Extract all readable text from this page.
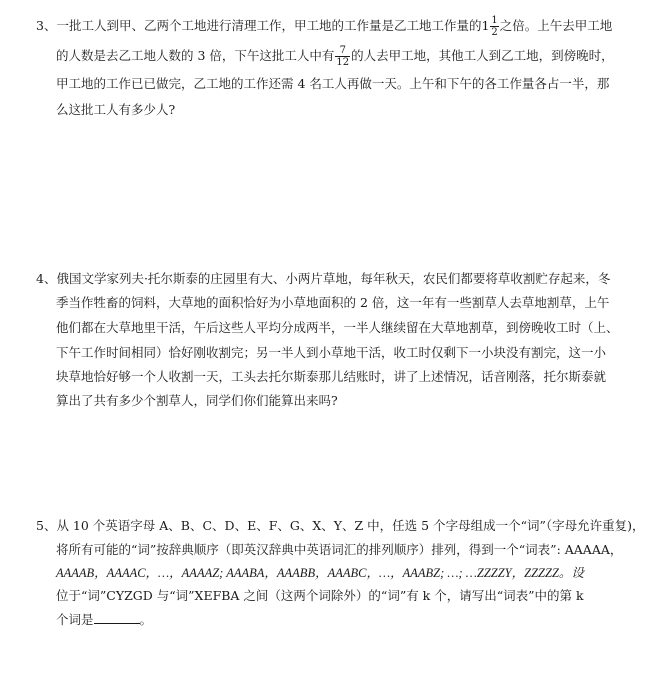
3、一批工人到甲、乙两个工地进行清理工作，甲工地的工作量是乙工地工作量的$1 \frac{1}{2}$ 之倍。上午去甲工地
的人数是去乙工地人数的 3 倍，下午这批工人中有 $\frac{7}{12}$ 的人去甲工地，其他工人到乙工地，到傍晚时，
甲工地的工作已已做完，乙工地的工作还需 4 名工人再做一天。上午和下午的各工作量各占一半，那
么这批工人有多少人?
4、俄国文学家列夫·托尔斯泰的庄园里有大、小两片草地，每年秋天，农民们都要将草收割贮存起来，冬
季当作牲畜的饲料，大草地的面积恰好为小草地面积的 2 倍，这一年有一些割草人去草地割草，上午
他们都在大草地里干活，午后这些人平均分成两半，一半人继续留在大草地割草，到傍晚收工时（上、
下午工作时间相同）恰好刚收割完；另一半人到小草地干活，收工时仅剩下一小块没有割完，这一小
块草地恰好够一个人收割一天，工头去托尔斯泰那儿结账时，讲了上述情况，话音刚落，托尔斯泰就
算出了共有多少个割草人，同学们你们能算出来吗?
5、从 10 个英语字母 A、B、C、D、E、F、G、X、Y、Z 中，任选 5 个字母组成一个“词”（字母允许重复)，
将所有可能的“词”按辞典顺序（即英汉辞典中英语词汇的排列顺序）排列，得到一个“词表”: AAAAA，
AAAAB，AAAAC，…，AAAAZ; AAABA，AAABB，AAABC，…，AAABZ; …; …ZZZZY，ZZZZZ。设
位于“词”CYZGD 与“词”XEFBA 之间（这两个词除外）的“词”有 k 个，请写出“词表”中的第 k
个词是	。
